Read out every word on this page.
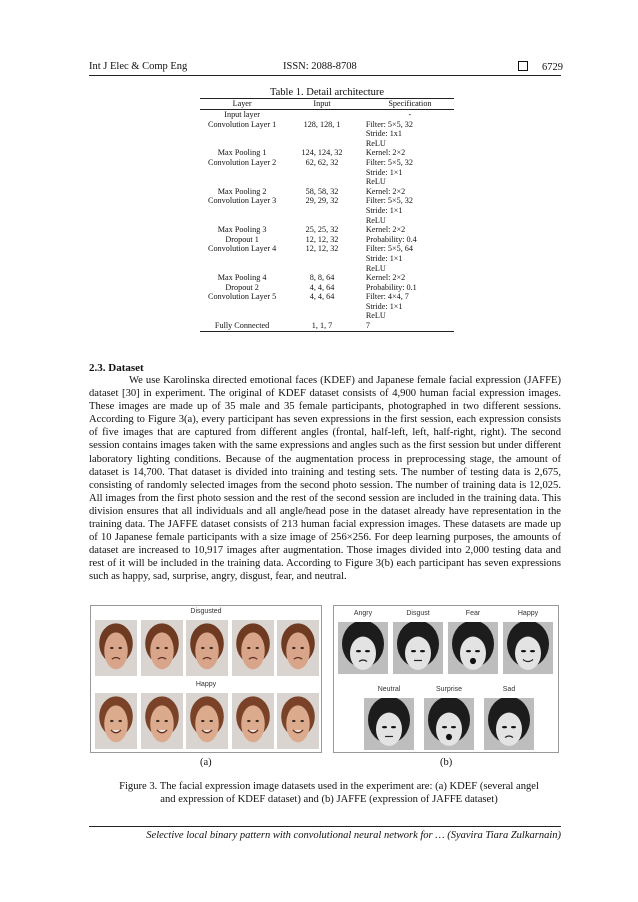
Int J Elec & Comp Eng	ISSN: 2088-8708	6729
Table 1. Detail architecture
Layer	Input	Specification
Input layer		-
Convolution Layer 1	128, 128, 1	Filter: 5×5, 32
		Stride: 1x1
		ReLU
Max Pooling 1	124, 124, 32	Kernel: 2×2
Convolution Layer 2	62, 62, 32	Filter: 5×5, 32
		Stride: 1×1
		ReLU
Max Pooling 2	58, 58, 32	Kernel: 2×2
Convolution Layer 3	29, 29, 32	Filter: 5×5, 32
		Stride: 1×1
		ReLU
Max Pooling 3	25, 25, 32	Kernel: 2×2
Dropout 1	12, 12, 32	Probability: 0.4
Convolution Layer 4	12, 12, 32	Filter: 5×5, 64
		Stride: 1×1
		ReLU
Max Pooling 4	8, 8, 64	Kernel: 2×2
Dropout 2	4, 4, 64	Probability: 0.1
Convolution Layer 5	4, 4, 64	Filter: 4×4, 7
		Stride: 1×1
		ReLU
Fully Connected	1, 1, 7	7
2.3. Dataset

We use Karolinska directed emotional faces (KDEF) and Japanese female facial expression (JAFFE) dataset [30] in experiment. The original of KDEF dataset consists of 4,900 human facial expression images. These images are made up of 35 male and 35 female participants, photographed in two different sessions. According to Figure 3(a), every participant has seven expressions in the first session, each expression consists of five images that are captured from different angles (frontal, half-left, left, half-right, right). The second session contains images taken with the same expressions and angles such as the first session but under different laboratory lighting conditions. Because of the augmentation process in preprocessing stage, the amount of dataset is 14,700. That dataset is divided into training and testing sets. The number of testing data is 2,675, consisting of randomly selected images from the second photo session. The number of training data is 12,025. All images from the first photo session and the rest of the second session are included in the training data. This division ensures that all individuals and all angle/head pose in the dataset already have representation in the training data. The JAFFE dataset consists of 213 human facial expression images. These datasets are made up of 10 Japanese female participants with a size image of 256×256. For deep learning purposes, the amounts of dataset are increased to 10,917 images after augmentation. Those images divided into 2,000 testing data and rest of it will be included in the training data. According to Figure 3(b) each participant has seven expressions such as happy, sad, surprise, angry, disgust, fear, and neutral.

Disgusted
Happy
Angry	Disgust	Fear	Happy
Neutral	Surprise	Sad
(a)	(b)

Figure 3. The facial expression image datasets used in the experiment are: (a) KDEF (several angel and expression of KDEF dataset) and (b) JAFFE (expression of JAFFE dataset)

Selective local binary pattern with convolutional neural network for … (Syavira Tiara Zulkarnain)
